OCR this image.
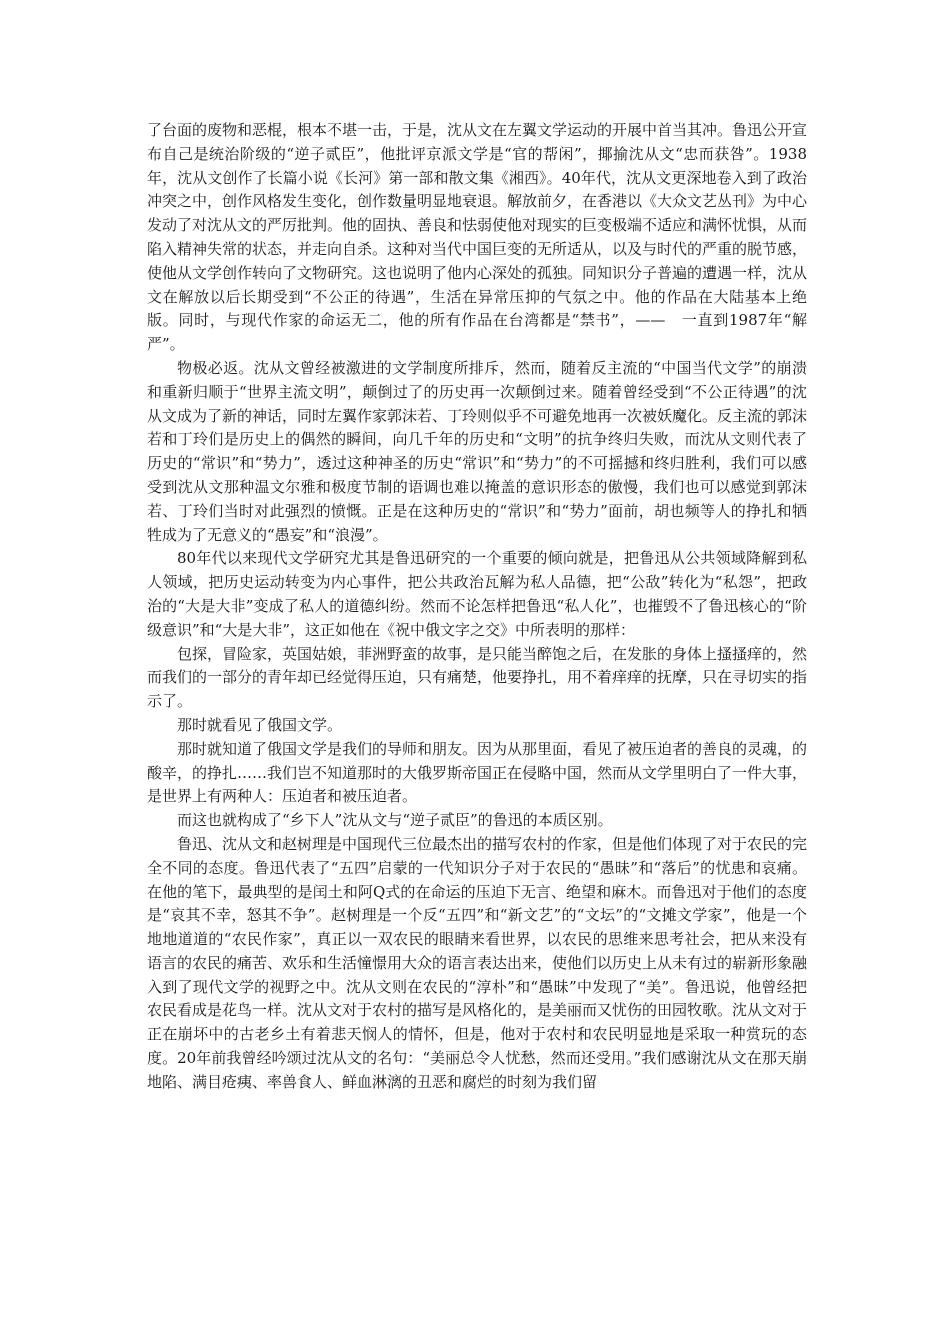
了台面的废物和恶棍，根本不堪一击，于是，沈从文在左翼文学运动的开展中首当其冲。鲁迅公开宣布自己是统治阶级的“逆子贰臣”，他批评京派文学是“官的帮闲”，揶揄沈从文“忠而获咎”。1938年，沈从文创作了长篇小说《长河》第一部和散文集《湘西》。40年代，沈从文更深地卷入到了政治冲突之中，创作风格发生变化，创作数量明显地衰退。解放前夕，在香港以《大众文艺丛刊》为中心发动了对沈从文的严厉批判。他的固执、善良和怯弱使他对现实的巨变极端不适应和满怀忧惧，从而陷入精神失常的状态，并走向自杀。这种对当代中国巨变的无所适从，以及与时代的严重的脱节感，使他从文学创作转向了文物研究。这也说明了他内心深处的孤独。同知识分子普遍的遭遇一样，沈从文在解放以后长期受到“不公正的待遇”，生活在异常压抑的气氛之中。他的作品在大陆基本上绝版。同时，与现代作家的命运无二，他的所有作品在台湾都是“禁书”，——　一直到1987年“解严”。

物极必返。沈从文曾经被激进的文学制度所排斥，然而，随着反主流的“中国当代文学”的崩溃和重新归顺于“世界主流文明”，颠倒过了的历史再一次颠倒过来。随着曾经受到“不公正待遇”的沈从文成为了新的神话，同时左翼作家郭沫若、丁玲则似乎不可避免地再一次被妖魔化。反主流的郭沫若和丁玲们是历史上的偶然的瞬间，向几千年的历史和“文明”的抗争终归失败，而沈从文则代表了历史的“常识”和“势力”，透过这种神圣的历史“常识”和“势力”的不可摇撼和终归胜利，我们可以感受到沈从文那种温文尔雅和极度节制的语调也难以掩盖的意识形态的傲慢，我们也可以感觉到郭沫若、丁玲们当时对此强烈的愤慨。正是在这种历史的“常识”和“势力”面前，胡也频等人的挣扎和牺牲成为了无意义的“愚妄”和“浪漫”。

80年代以来现代文学研究尤其是鲁迅研究的一个重要的倾向就是，把鲁迅从公共领域降解到私人领域，把历史运动转变为内心事件，把公共政治瓦解为私人品德，把“公敌”转化为“私怨”，把政治的“大是大非”变成了私人的道德纠纷。然而不论怎样把鲁迅“私人化”，也摧毁不了鲁迅核心的“阶级意识”和“大是大非”，这正如他在《祝中俄文字之交》中所表明的那样：

包探，冒险家，英国姑娘，菲洲野蛮的故事，是只能当醉饱之后，在发胀的身体上搔搔痒的，然而我们的一部分的青年却已经觉得压迫，只有痛楚，他要挣扎，用不着痒痒的抚摩，只在寻切实的指示了。

那时就看见了俄国文学。

那时就知道了俄国文学是我们的导师和朋友。因为从那里面，看见了被压迫者的善良的灵魂，的酸辛，的挣扎……我们岂不知道那时的大俄罗斯帝国正在侵略中国，然而从文学里明白了一件大事，是世界上有两种人：压迫者和被压迫者。

而这也就构成了“乡下人”沈从文与“逆子贰臣”的鲁迅的本质区别。

鲁迅、沈从文和赵树理是中国现代三位最杰出的描写农村的作家，但是他们体现了对于农民的完全不同的态度。鲁迅代表了“五四”启蒙的一代知识分子对于农民的“愚昧”和“落后”的忧患和哀痛。在他的笔下，最典型的是闰土和阿Q式的在命运的压迫下无言、绝望和麻木。而鲁迅对于他们的态度是“哀其不幸，怒其不争”。赵树理是一个反“五四”和“新文艺”的“文坛”的“文摊文学家”，他是一个地地道道的“农民作家”，真正以一双农民的眼睛来看世界，以农民的思维来思考社会，把从来没有语言的农民的痛苦、欢乐和生活憧憬用大众的语言表达出来，使他们以历史上从未有过的崭新形象融入到了现代文学的视野之中。沈从文则在农民的“淳朴”和“愚昧”中发现了“美”。鲁迅说，他曾经把农民看成是花鸟一样。沈从文对于农村的描写是风格化的，是美丽而又忧伤的田园牧歌。沈从文对于正在崩坏中的古老乡土有着悲天悯人的情怀，但是，他对于农村和农民明显地是采取一种赏玩的态度。20年前我曾经吟颂过沈从文的名句：“美丽总令人忧愁，然而还受用。”我们感谢沈从文在那天崩地陷、满目疮痍、率兽食人、鲜血淋漓的丑恶和腐烂的时刻为我们留
